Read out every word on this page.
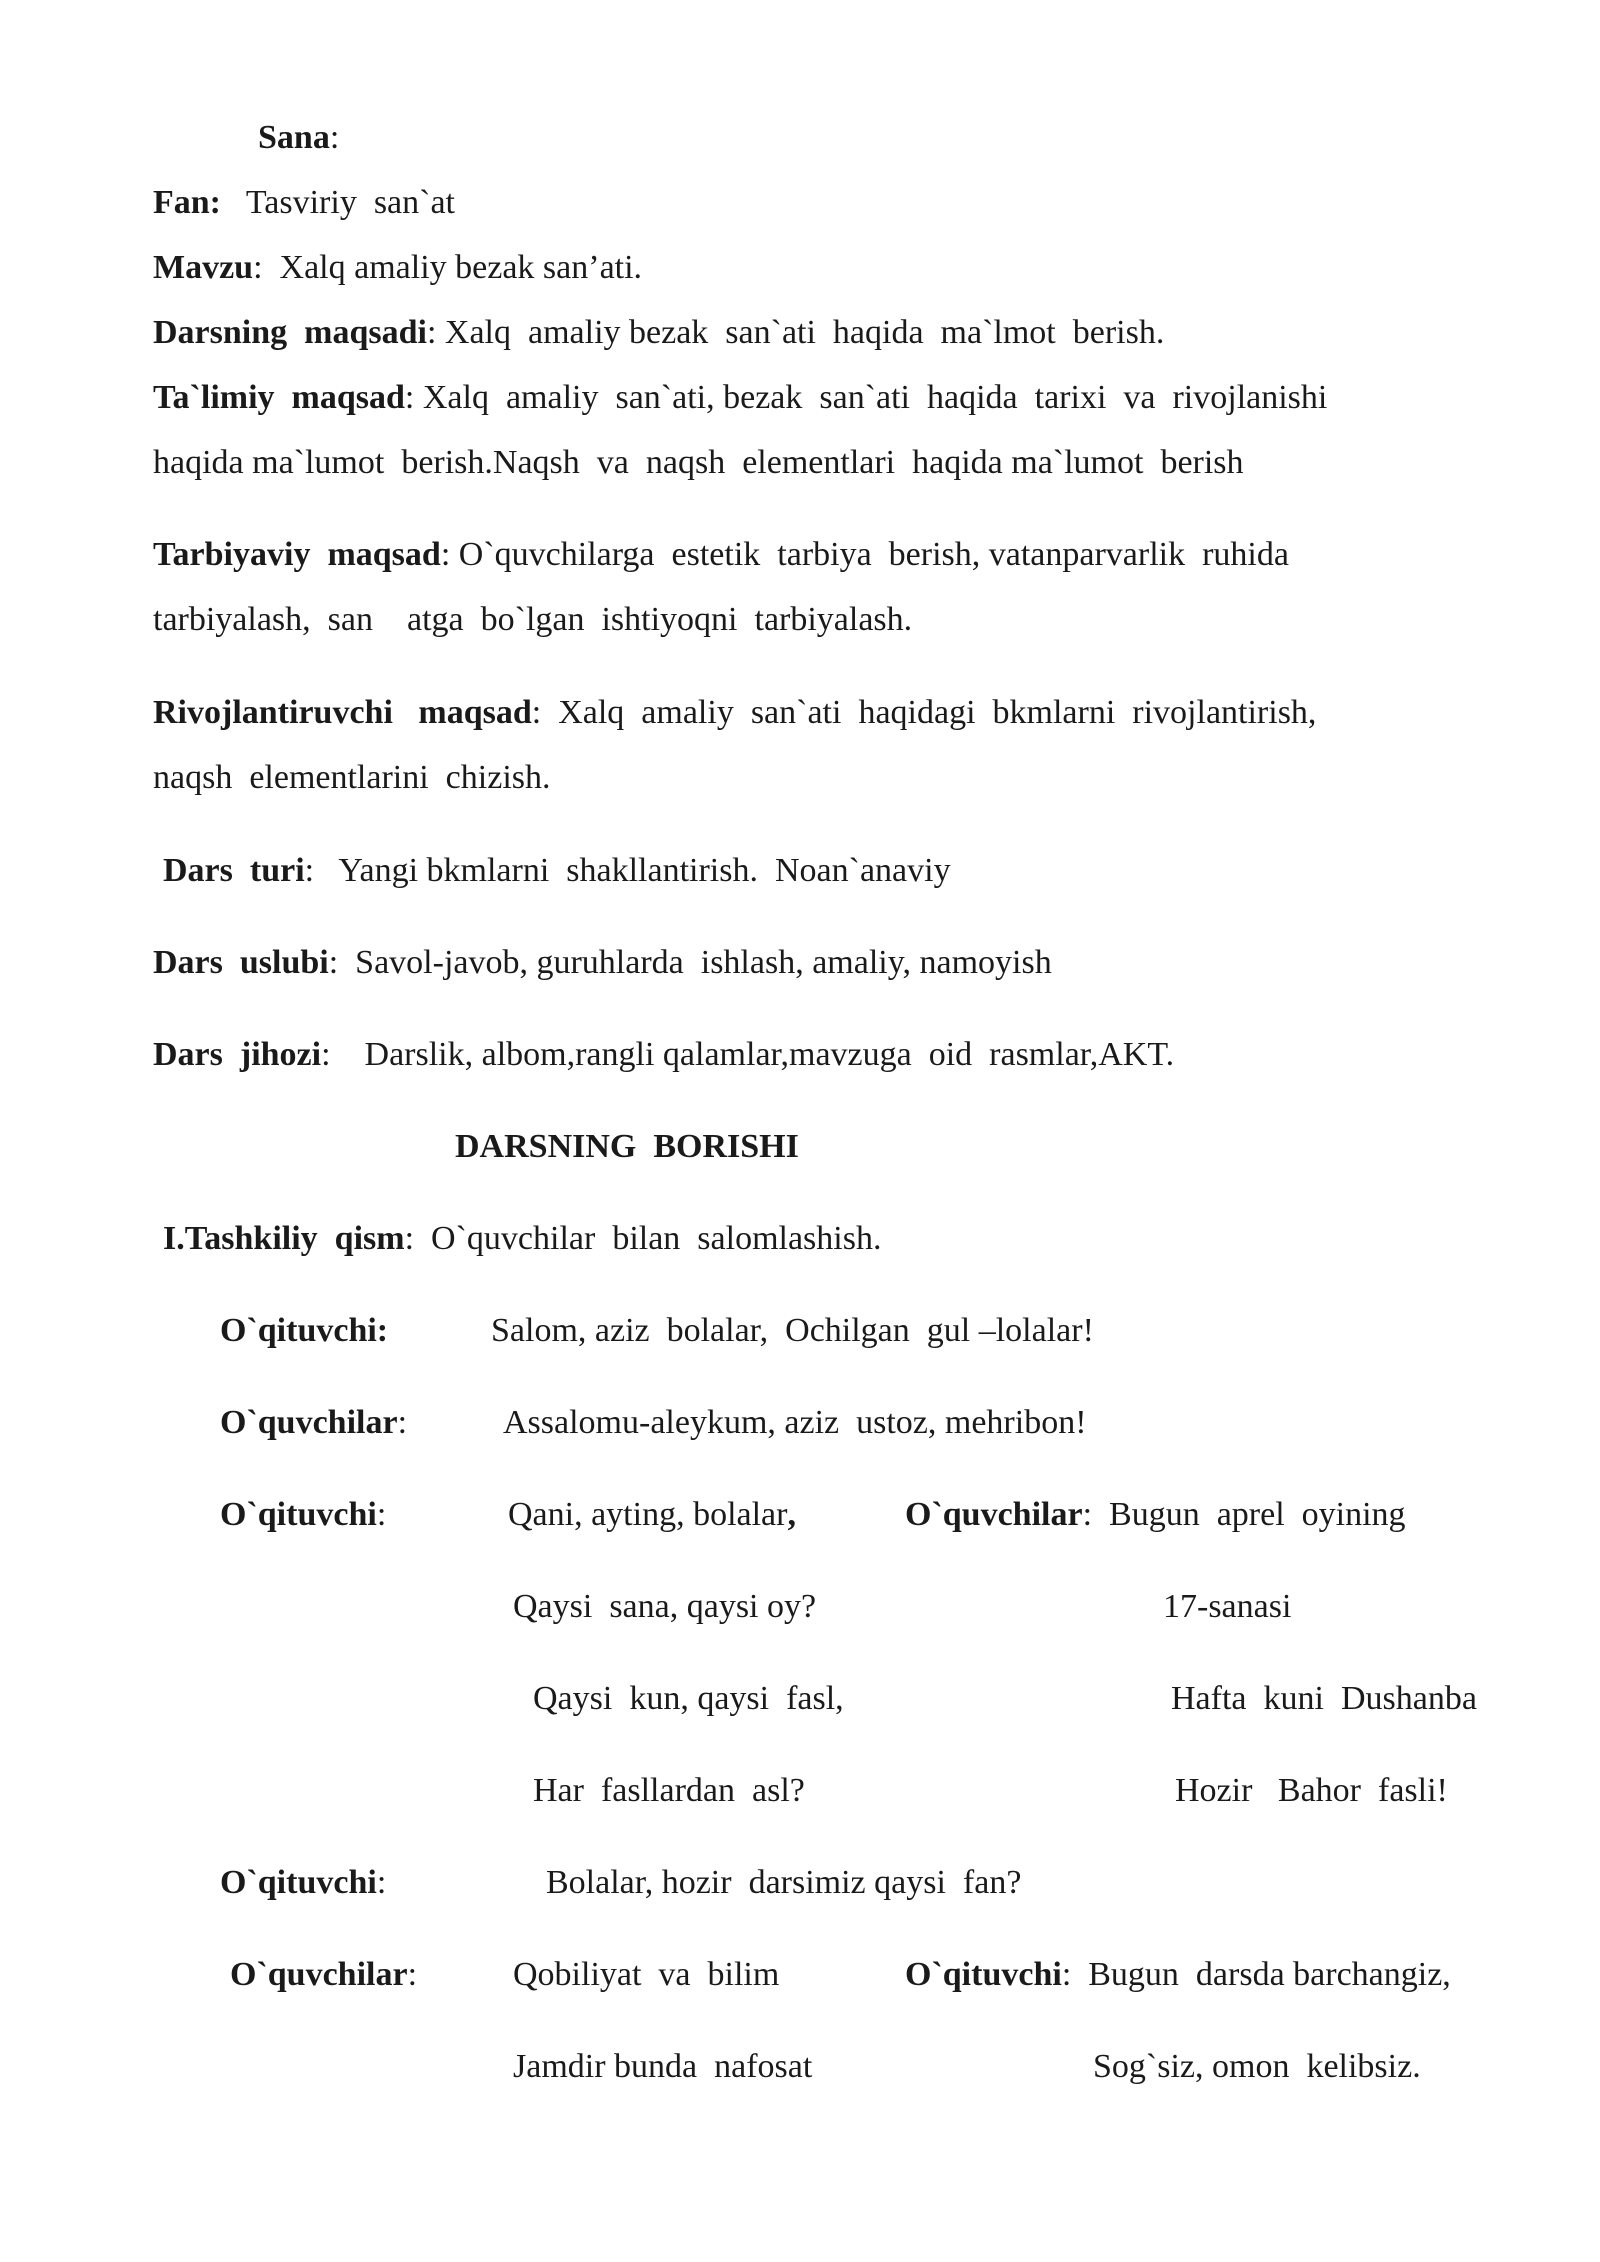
Sana:
Fan: Tasviriy  san`at
Mavzu:  Xalq amaliy bezak san’ati.
Darsning  maqsadi: Xalq  amaliy bezak  san`ati  haqida  ma`lmot  berish.
Ta`limiy  maqsad: Xalq  amaliy  san`ati, bezak  san`ati  haqida  tarixi  va  rivojlanishi
haqida ma`lumot  berish.Naqsh  va  naqsh  elementlari  haqida ma`lumot  berish
Tarbiyaviy  maqsad: O`quvchilarga  estetik  tarbiya  berish, vatanparvarlik  ruhida
tarbiyalash,  san    atga  bo`lgan  ishtiyoqni  tarbiyalash.
Rivojlantiruvchi   maqsad:  Xalq  amaliy  san`ati  haqidagi  bkmlarni  rivojlantirish,
naqsh  elementlarini  chizish.
Dars  turi:   Yangi bkmlarni  shakllantirish.  Noan`anaviy
Dars  uslubi:  Savol-javob, guruhlarda  ishlash, amaliy, namoyish
Dars  jihozi:    Darslik, albom,rangli qalamlar,mavzuga  oid  rasmlar,AKT.
DARSNING  BORISHI
I.Tashkiliy  qism:  O`quvchilar  bilan  salomlashish.
O`qituvchi:	Salom, aziz  bolalar,  Ochilgan  gul –lolalar!
O`quvchilar:	Assalomu-aleykum, aziz  ustoz, mehribon!
O`qituvchi:	Qani, ayting, bolalar,	O`quvchilar:  Bugun  aprel  oyining
Qaysi  sana, qaysi oy?	17-sanasi
Qaysi  kun, qaysi  fasl,	Hafta  kuni  Dushanba
Har  fasllardan  asl?	Hozir   Bahor  fasli!
O`qituvchi:	Bolalar, hozir  darsimiz qaysi  fan?
O`quvchilar:	Qobiliyat  va  bilim	O`qituvchi:  Bugun  darsda barchangiz,
Jamdir bunda  nafosat	Sog`siz, omon  kelibsiz.
